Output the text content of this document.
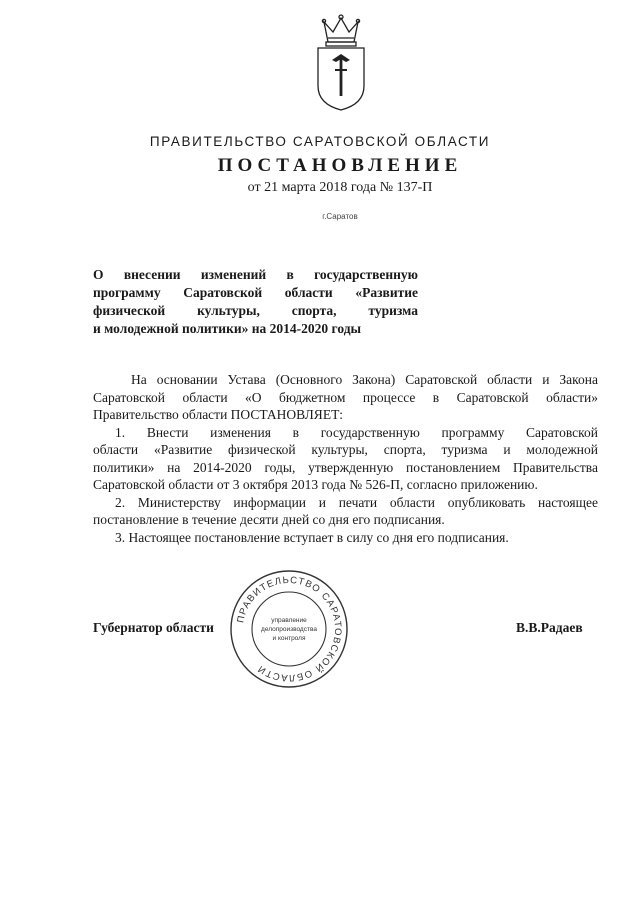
ПРАВИТЕЛЬСТВО САРАТОВСКОЙ ОБЛАСТИ
ПОСТАНОВЛЕНИЕ
от 21 марта 2018 года № 137-П
г.Саратов
О внесении изменений в государственную
программу Саратовской области «Развитие
физической культуры, спорта, туризма
и молодежной политики» на 2014-2020 годы
На основании Устава (Основного Закона) Саратовской области и Закона
Саратовской области «О бюджетном процессе в Саратовской области»
Правительство области ПОСТАНОВЛЯЕТ:
1. Внести изменения в государственную программу Саратовской
области «Развитие физической культуры, спорта, туризма и молодежной
политики» на 2014-2020 годы, утвержденную постановлением Правительства
Саратовской области от 3 октября 2013 года № 526-П, согласно приложению.
2. Министерству информации и печати области опубликовать настоящее
постановление в течение десяти дней со дня его подписания.
3. Настоящее постановление вступает в силу со дня его подписания.
Губернатор области	В.В.Радаев
ПРАВИТЕЛЬСТВО САРАТОВСКОЙ ОБЛАСТИ
управление
делопроизводства
и контроля
